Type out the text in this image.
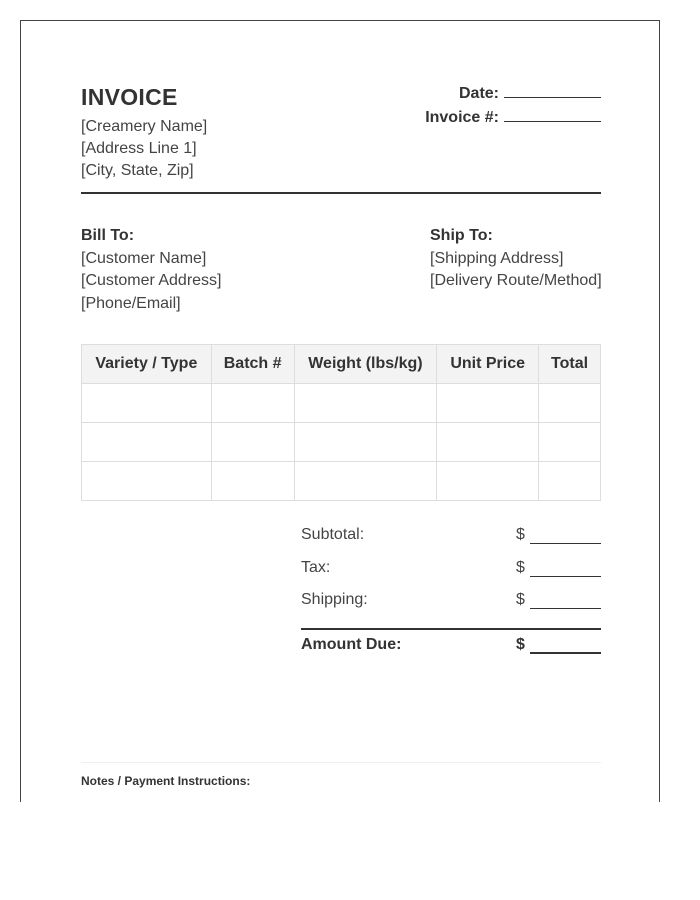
INVOICE
[Creamery Name]
[Address Line 1]
[City, State, Zip]
Date:
Invoice #:
Bill To:
[Customer Name]
[Customer Address]
[Phone/Email]
Ship To:
[Shipping Address]
[Delivery Route/Method]
Variety / Type	Batch #	Weight (lbs/kg)	Unit Price	Total

Subtotal:	$
Tax:	$
Shipping:	$
Amount Due:	$
Notes / Payment Instructions:
